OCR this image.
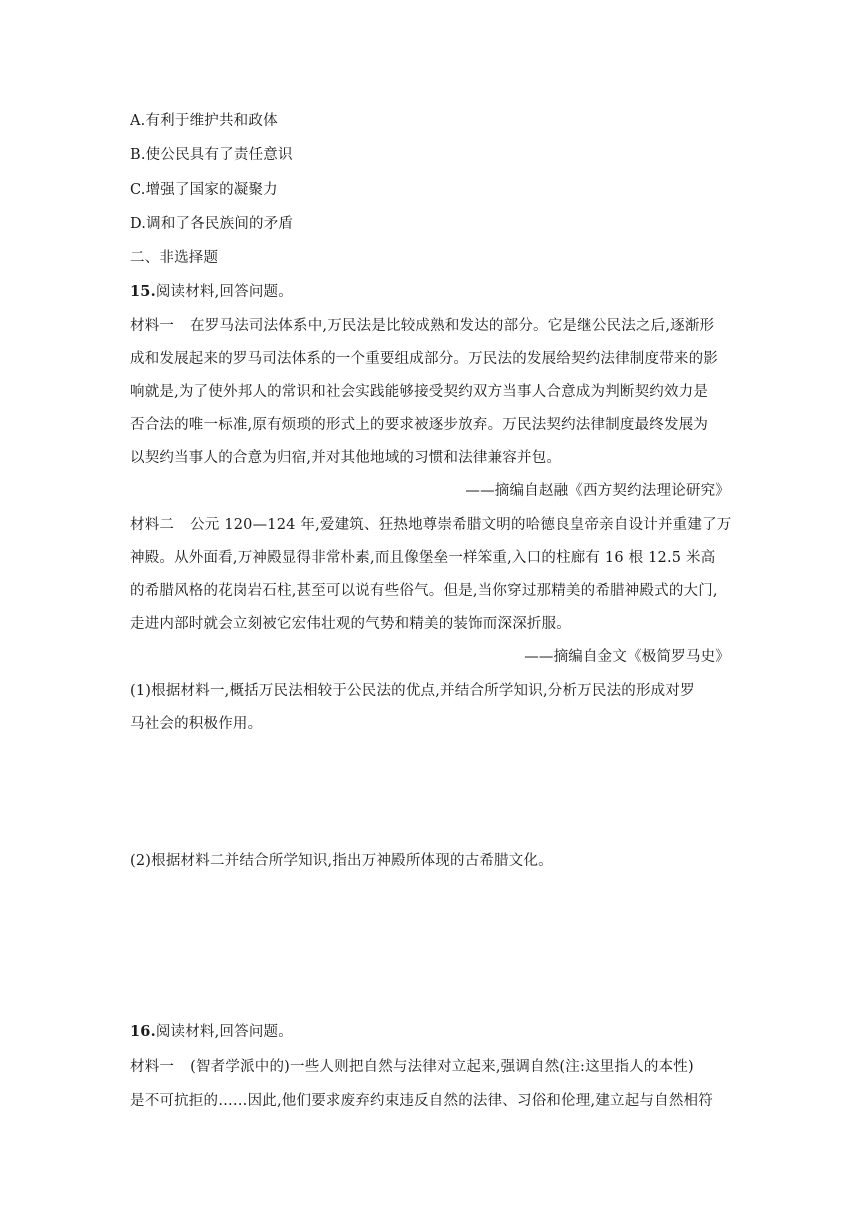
A.有利于维护共和政体
B.使公民具有了责任意识
C.增强了国家的凝聚力
D.调和了各民族间的矛盾
二、非选择题
15.阅读材料,回答问题。
材料一 在罗马法司法体系中,万民法是比较成熟和发达的部分。它是继公民法之后,逐渐形
成和发展起来的罗马司法体系的一个重要组成部分。万民法的发展给契约法律制度带来的影
响就是,为了使外邦人的常识和社会实践能够接受契约双方当事人合意成为判断契约效力是
否合法的唯一标准,原有烦琐的形式上的要求被逐步放弃。万民法契约法律制度最终发展为
以契约当事人的合意为归宿,并对其他地域的习惯和法律兼容并包。
——摘编自赵融《西方契约法理论研究》
材料二 公元 120—124 年,爱建筑、狂热地尊崇希腊文明的哈德良皇帝亲自设计并重建了万
神殿。从外面看,万神殿显得非常朴素,而且像堡垒一样笨重,入口的柱廊有 16 根 12.5 米高
的希腊风格的花岗岩石柱,甚至可以说有些俗气。但是,当你穿过那精美的希腊神殿式的大门,
走进内部时就会立刻被它宏伟壮观的气势和精美的装饰而深深折服。
——摘编自金文《极简罗马史》
(1)根据材料一,概括万民法相较于公民法的优点,并结合所学知识,分析万民法的形成对罗
马社会的积极作用。
(2)根据材料二并结合所学知识,指出万神殿所体现的古希腊文化。
16.阅读材料,回答问题。
材料一 (智者学派中的)一些人则把自然与法律对立起来,强调自然(注:这里指人的本性)
是不可抗拒的……因此,他们要求废弃约束违反自然的法律、习俗和伦理,建立起与自然相符
